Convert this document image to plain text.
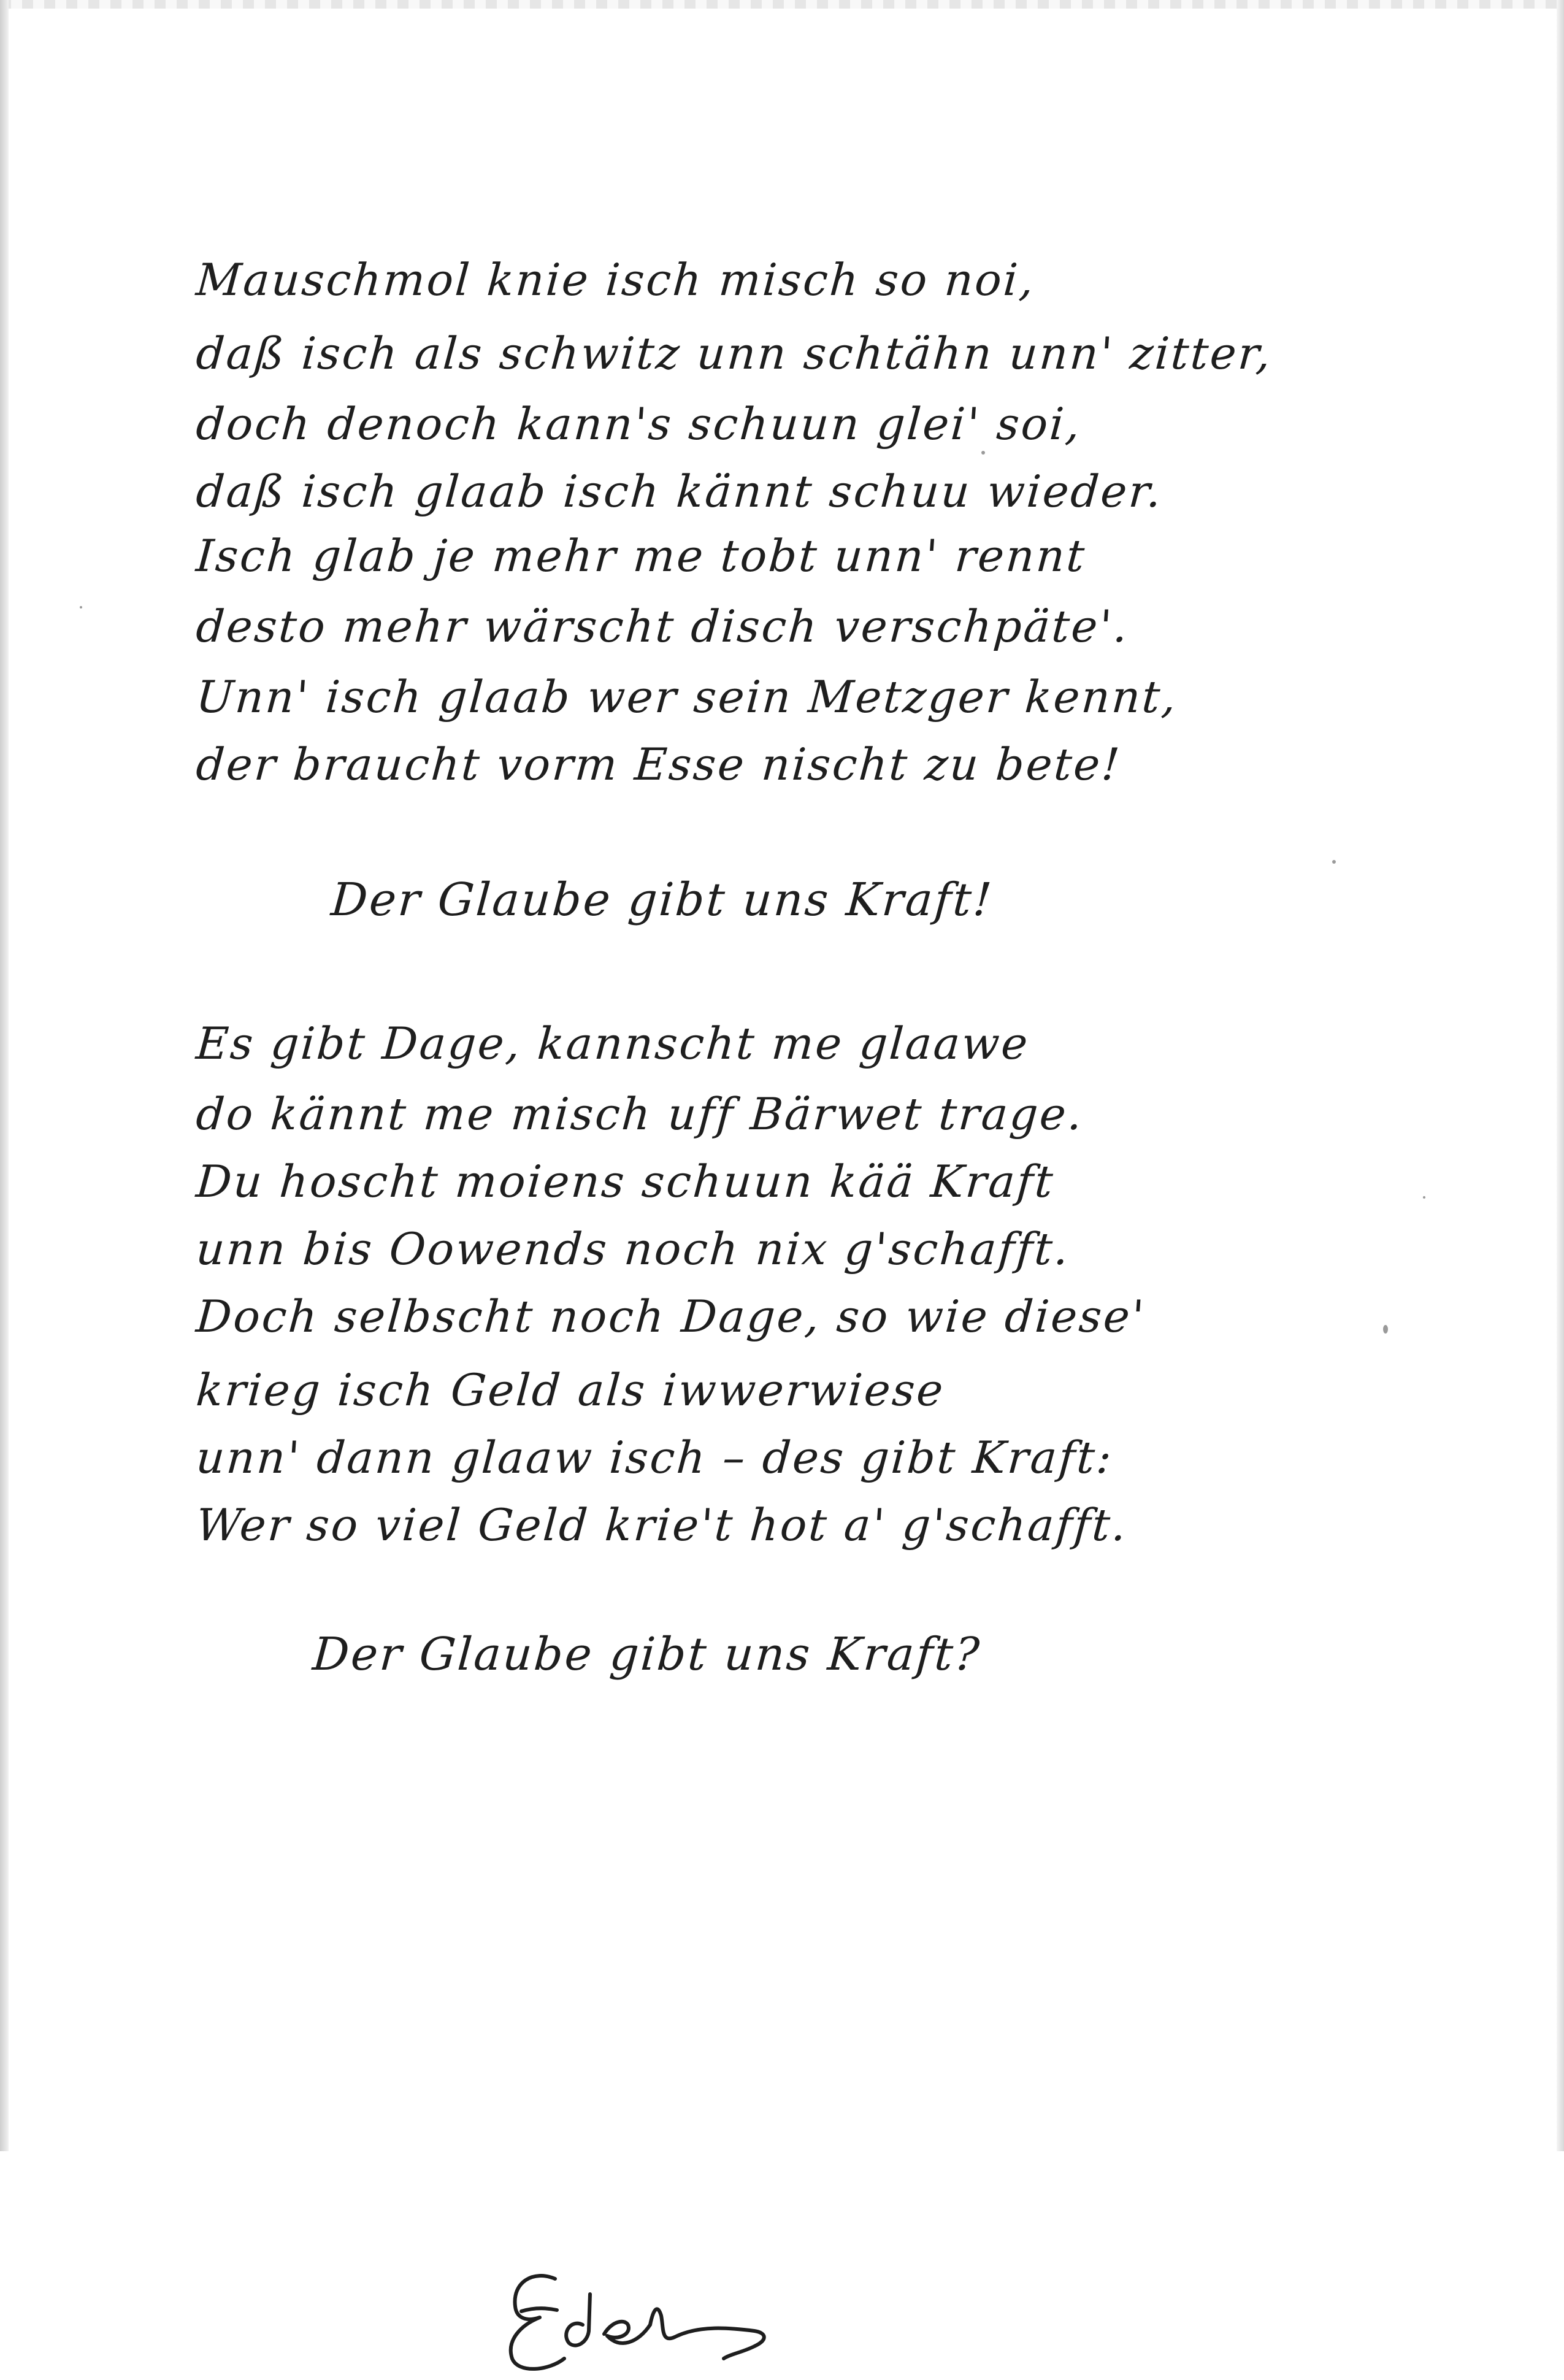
Mauschmol knie isch misch so noi,
daß isch als schwitz unn schtähn unn' zitter,
doch denoch kann's schuun glei' soi,
daß isch glaab isch kännt schuu wieder.
Isch glab je mehr me tobt unn' rennt
desto mehr wärscht disch verschpäte'.
Unn' isch glaab wer sein Metzger kennt,
der braucht vorm Esse nischt zu bete!
Der Glaube gibt uns Kraft!
Es gibt Dage, kannscht me glaawe
do kännt me misch uff Bärwet trage.
Du hoscht moiens schuun kää Kraft
unn bis Oowends noch nix g'schafft.
Doch selbscht noch Dage, so wie diese'
krieg isch Geld als iwwerwiese
unn' dann glaaw isch – des gibt Kraft:
Wer so viel Geld krie't hot a' g'schafft.
Der Glaube gibt uns Kraft?
